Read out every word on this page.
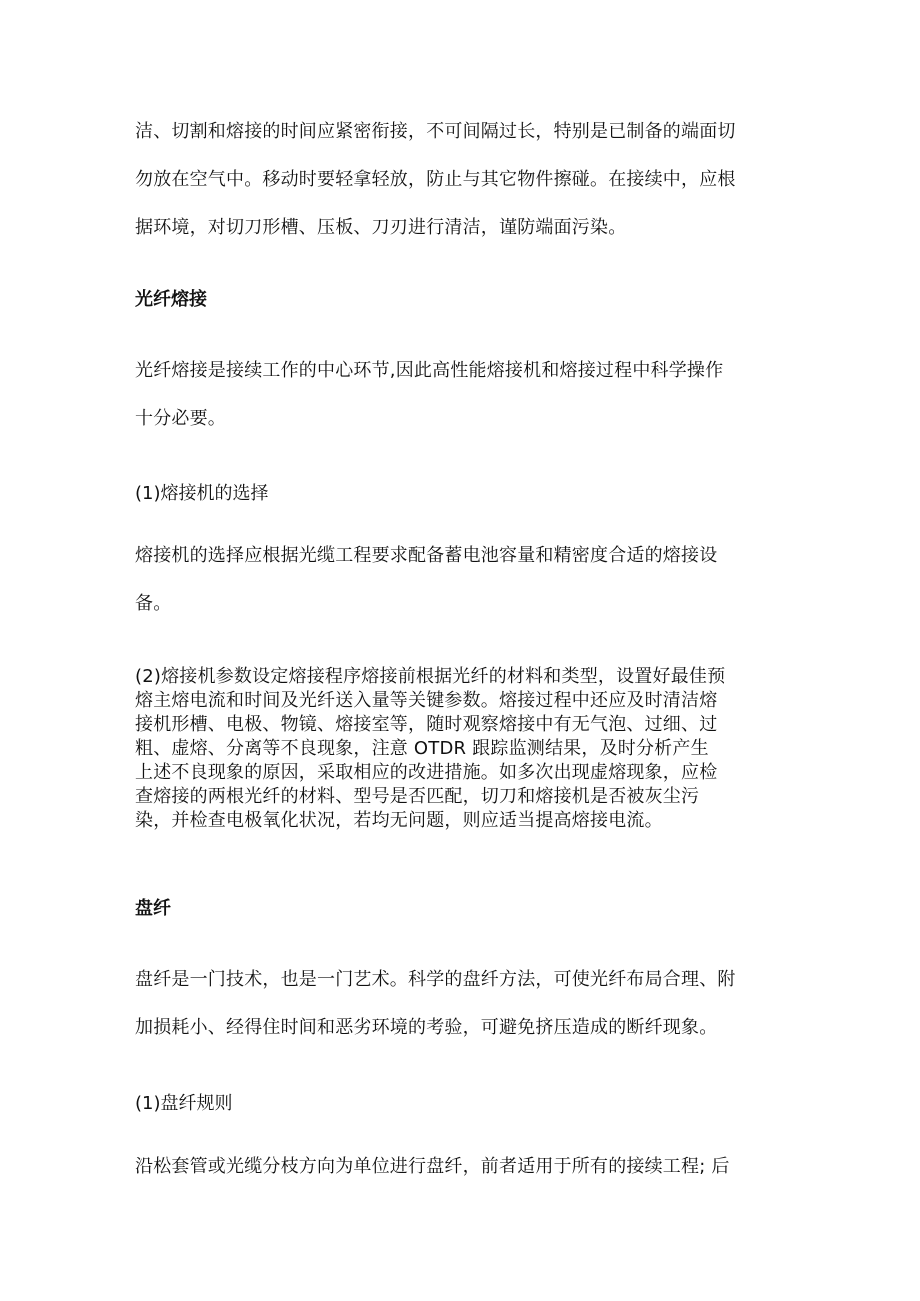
洁、切割和熔接的时间应紧密衔接，不可间隔过长，特别是已制备的端面切
勿放在空气中。移动时要轻拿轻放，防止与其它物件擦碰。在接续中，应根
据环境，对切刀形槽、压板、刀刃进行清洁，谨防端面污染。
光纤熔接
光纤熔接是接续工作的中心环节,因此高性能熔接机和熔接过程中科学操作
十分必要。
(1)熔接机的选择
熔接机的选择应根据光缆工程要求配备蓄电池容量和精密度合适的熔接设
备。
(2)熔接机参数设定熔接程序熔接前根据光纤的材料和类型，设置好最佳预
熔主熔电流和时间及光纤送入量等关键参数。熔接过程中还应及时清洁熔
接机形槽、电极、物镜、熔接室等，随时观察熔接中有无气泡、过细、过
粗、虚熔、分离等不良现象，注意 OTDR 跟踪监测结果，及时分析产生
上述不良现象的原因，采取相应的改进措施。如多次出现虚熔现象，应检
查熔接的两根光纤的材料、型号是否匹配，切刀和熔接机是否被灰尘污
染，并检查电极氧化状况，若均无问题，则应适当提高熔接电流。
盘纤
盘纤是一门技术，也是一门艺术。科学的盘纤方法，可使光纤布局合理、附
加损耗小、经得住时间和恶劣环境的考验，可避免挤压造成的断纤现象。
(1)盘纤规则
沿松套管或光缆分枝方向为单位进行盘纤，前者适用于所有的接续工程; 后
